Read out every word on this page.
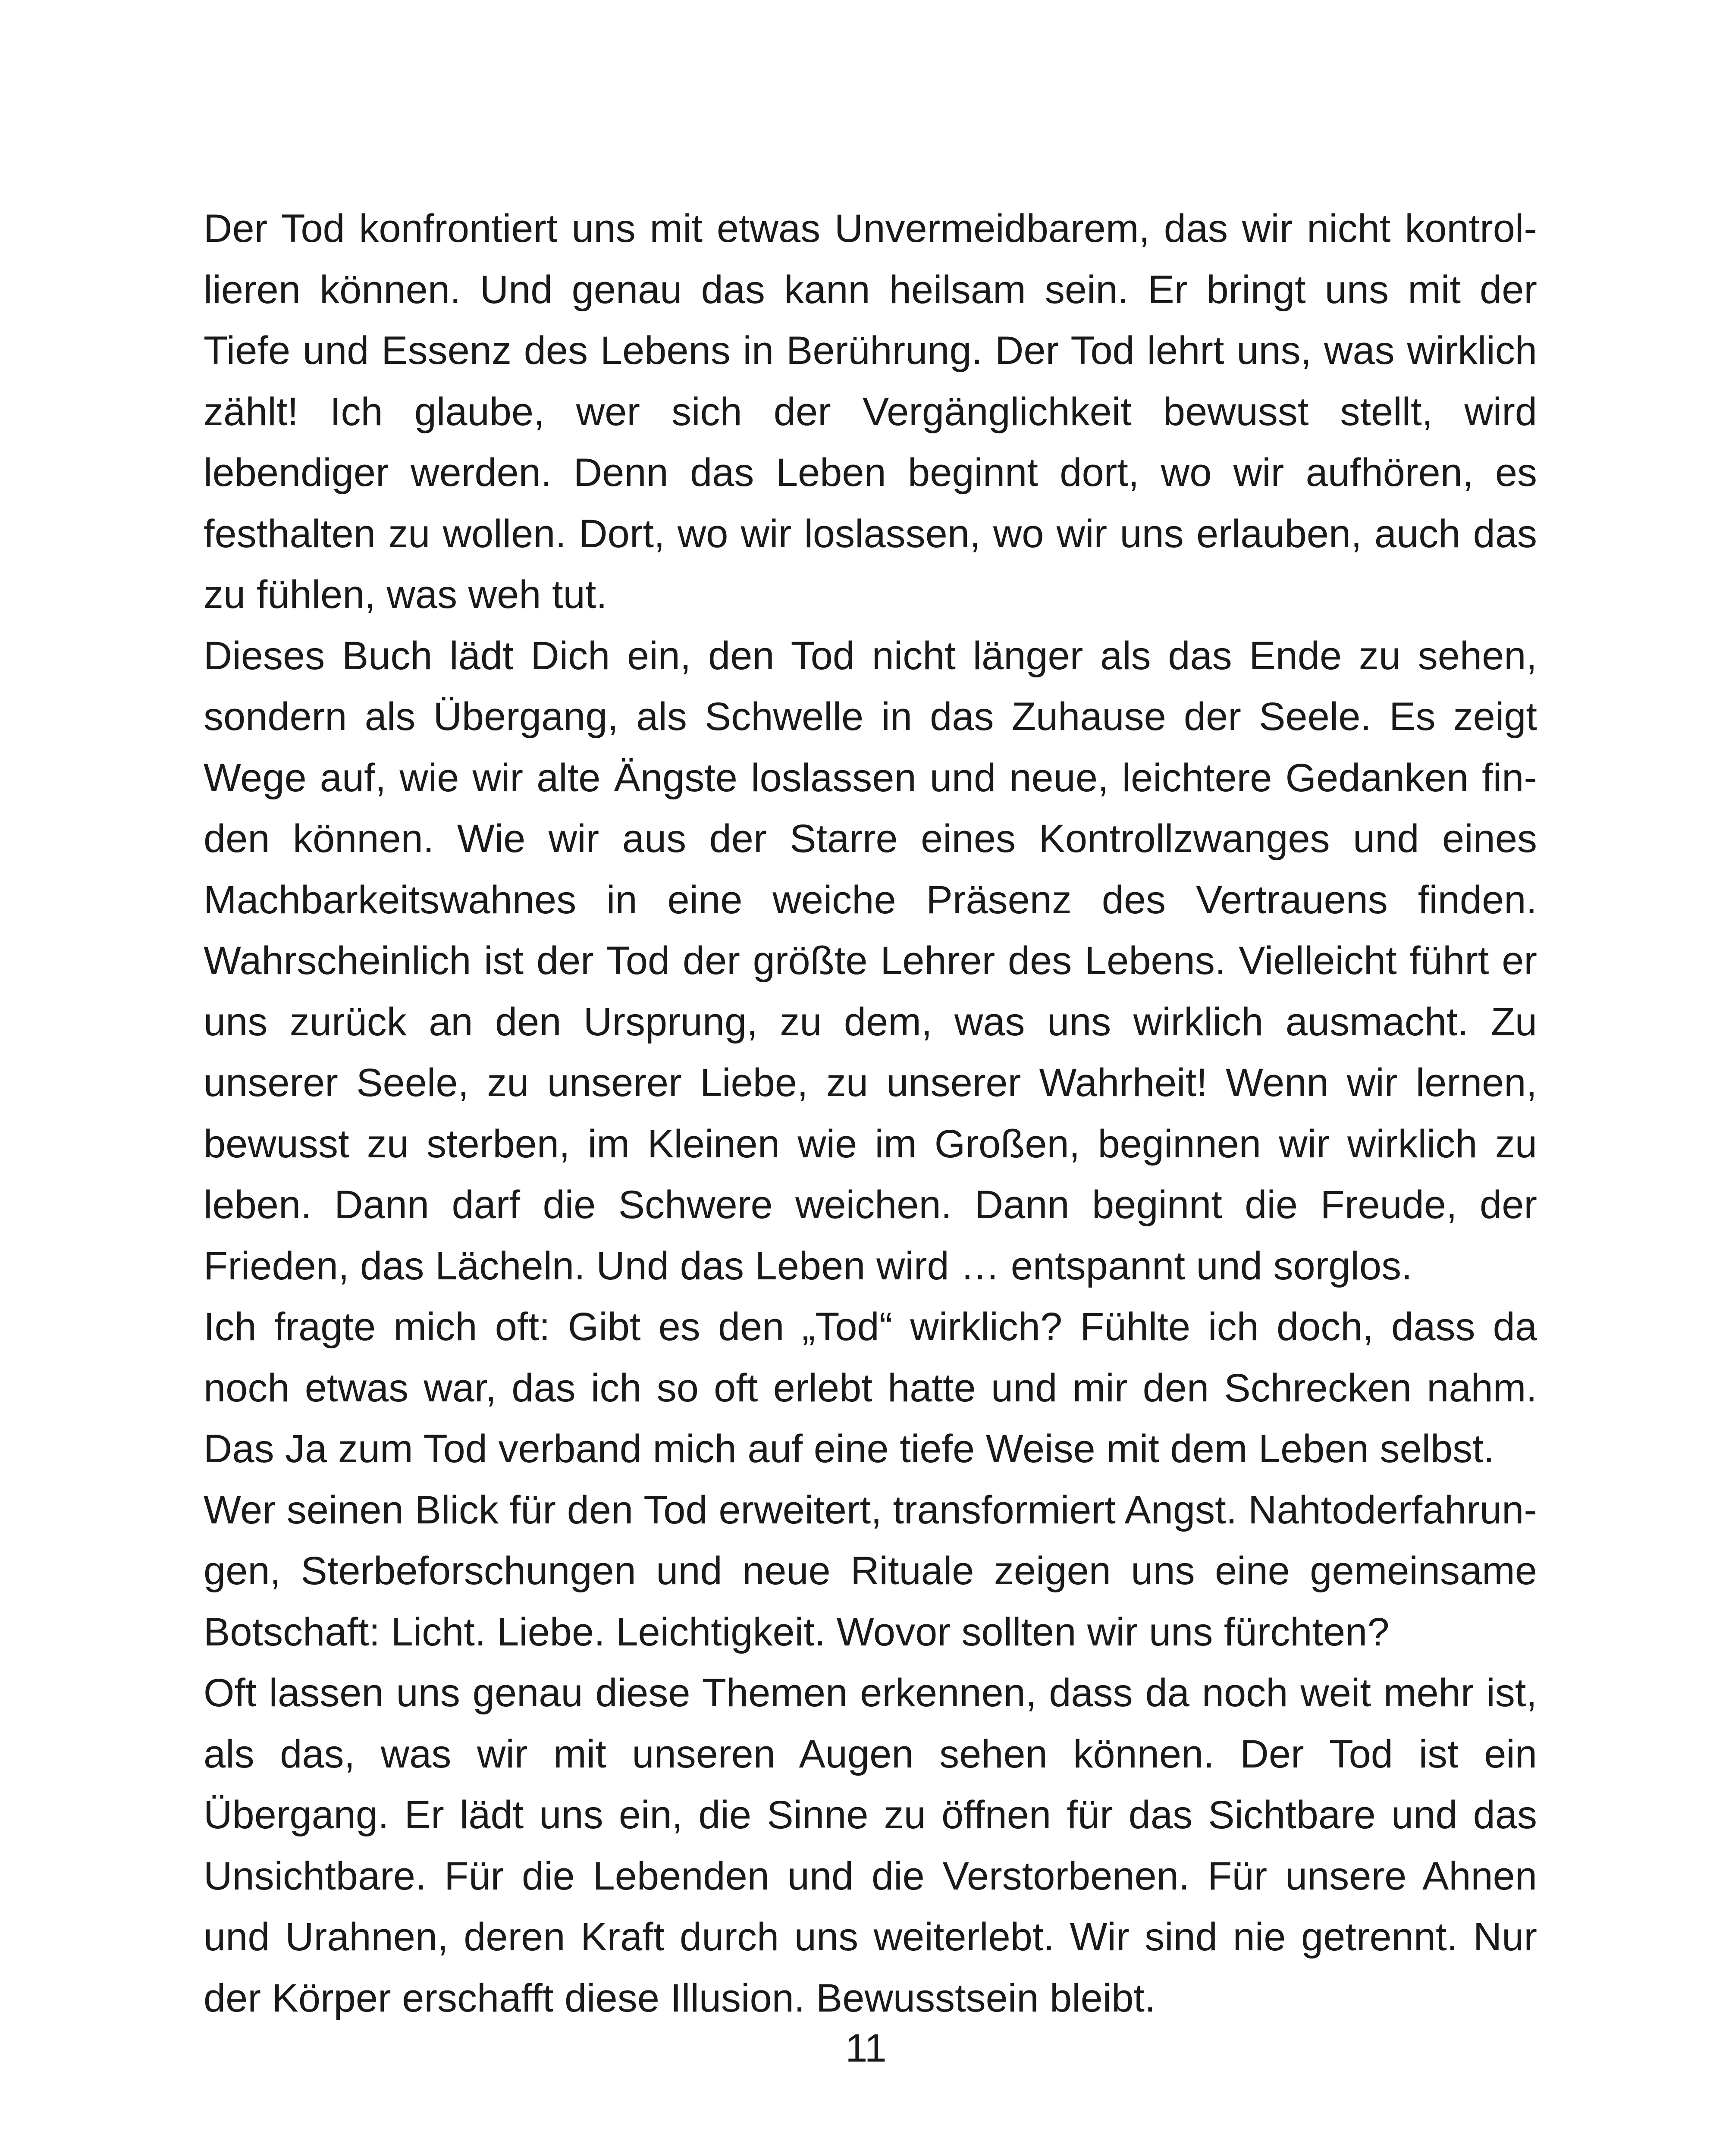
Der Tod konfrontiert uns mit etwas Unvermeidbarem, das wir nicht kontrollieren können. Und genau das kann heilsam sein. Er bringt uns mit der Tiefe und Essenz des Lebens in Berührung. Der Tod lehrt uns, was wirklich zählt! Ich glaube, wer sich der Vergänglichkeit bewusst stellt, wird lebendiger werden. Denn das Leben beginnt dort, wo wir aufhören, es festhalten zu wollen. Dort, wo wir loslassen, wo wir uns erlauben, auch das zu fühlen, was weh tut.

Dieses Buch lädt Dich ein, den Tod nicht länger als das Ende zu sehen, sondern als Übergang, als Schwelle in das Zuhause der Seele. Es zeigt Wege auf, wie wir alte Ängste loslassen und neue, leichtere Gedanken finden können. Wie wir aus der Starre eines Kontrollzwanges und eines Machbarkeitswahnes in eine weiche Präsenz des Vertrauens finden. Wahrscheinlich ist der Tod der größte Lehrer des Lebens. Vielleicht führt er uns zurück an den Ursprung, zu dem, was uns wirklich ausmacht. Zu unserer Seele, zu unserer Liebe, zu unserer Wahrheit! Wenn wir lernen, bewusst zu sterben, im Kleinen wie im Großen, beginnen wir wirklich zu leben. Dann darf die Schwere weichen. Dann beginnt die Freude, der Frieden, das Lächeln. Und das Leben wird … entspannt und sorglos.

Ich fragte mich oft: Gibt es den „Tod“ wirklich? Fühlte ich doch, dass da noch etwas war, das ich so oft erlebt hatte und mir den Schrecken nahm. Das Ja zum Tod verband mich auf eine tiefe Weise mit dem Leben selbst.

Wer seinen Blick für den Tod erweitert, transformiert Angst. Nahtoderfahrungen, Sterbeforschungen und neue Rituale zeigen uns eine gemeinsame Botschaft: Licht. Liebe. Leichtigkeit. Wovor sollten wir uns fürchten?

Oft lassen uns genau diese Themen erkennen, dass da noch weit mehr ist, als das, was wir mit unseren Augen sehen können. Der Tod ist ein Übergang. Er lädt uns ein, die Sinne zu öffnen für das Sichtbare und das Unsichtbare. Für die Lebenden und die Verstorbenen. Für unsere Ahnen und Urahnen, deren Kraft durch uns weiterlebt. Wir sind nie getrennt. Nur der Körper erschafft diese Illusion. Bewusstsein bleibt.

11
